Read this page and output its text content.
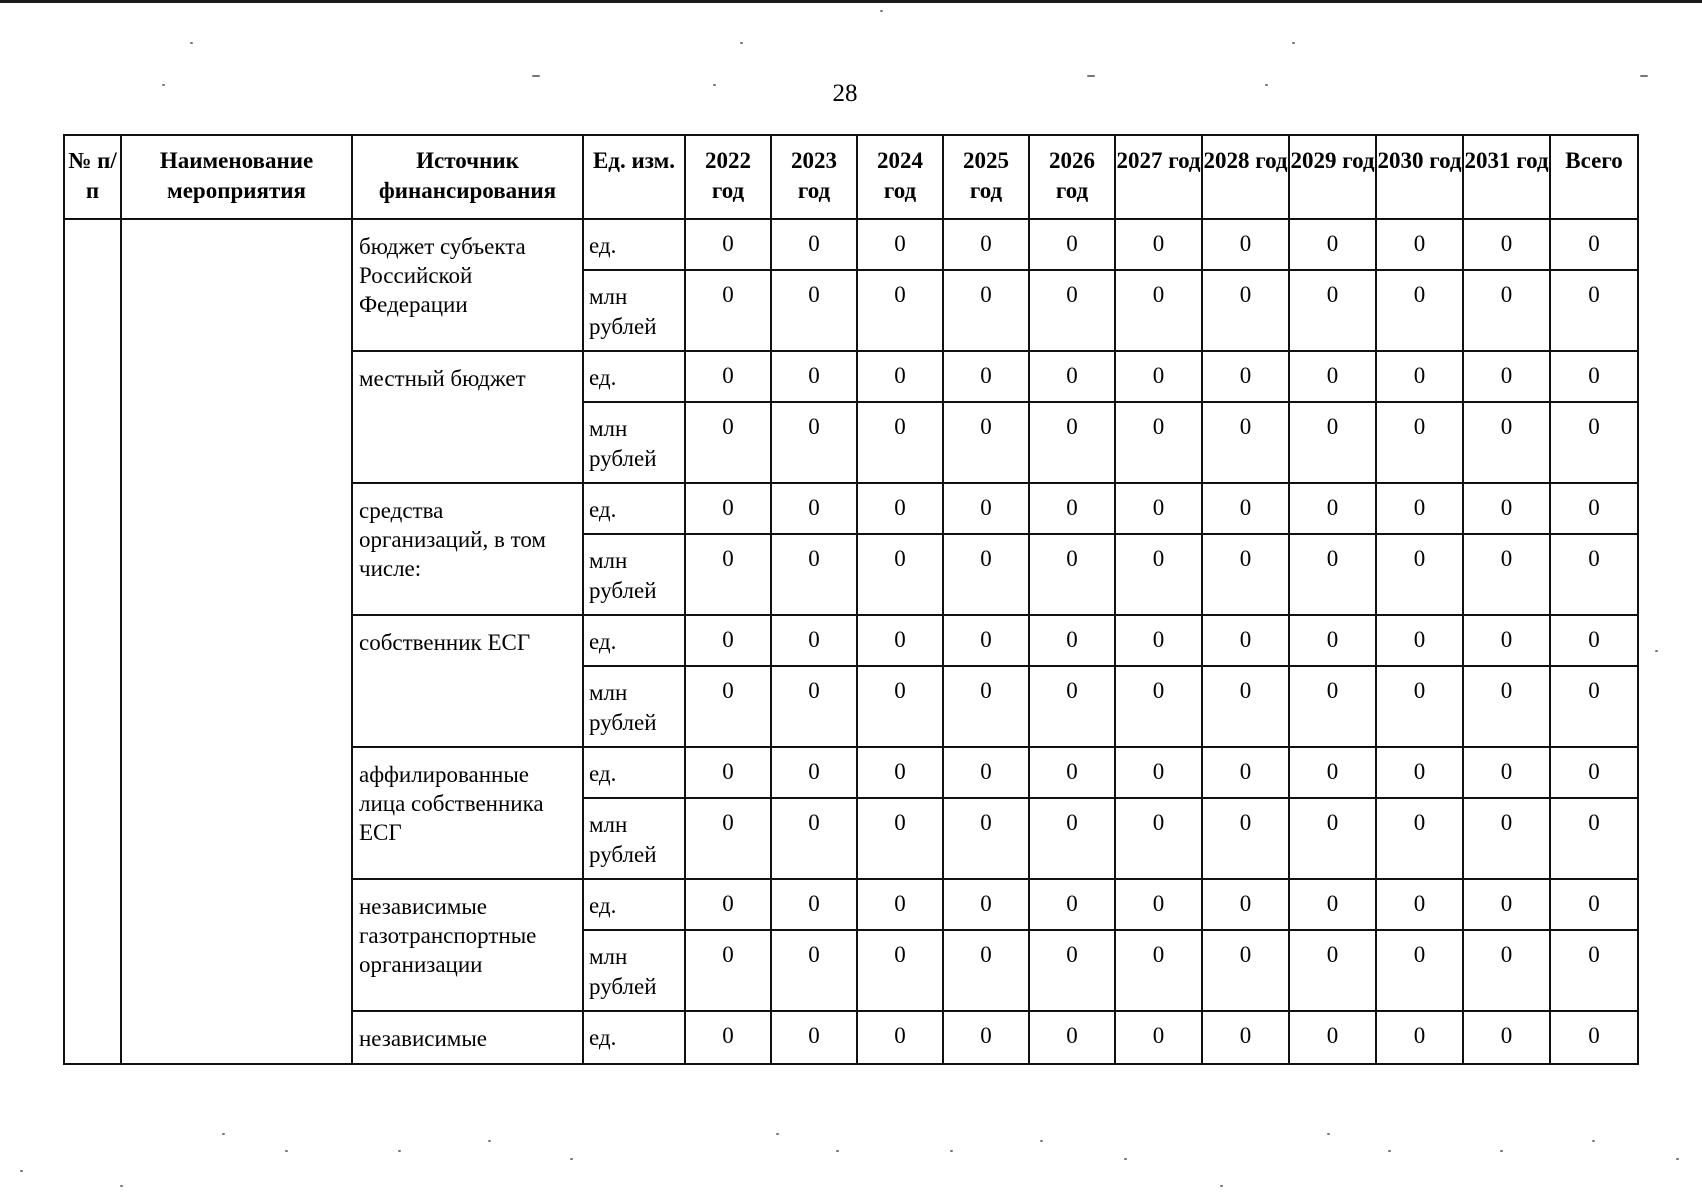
28
№ п/п	Наименование мероприятия	Источник финансирования	Ед. изм.	2022 год	2023 год	2024 год	2025 год	2026 год	2027 год	2028 год	2029 год	2030 год	2031 год	Всего
		бюджет субъекта Российской Федерации	ед.	0	0	0	0	0	0	0	0	0	0	0
			млн рублей	0	0	0	0	0	0	0	0	0	0	0
		местный бюджет	ед.	0	0	0	0	0	0	0	0	0	0	0
			млн рублей	0	0	0	0	0	0	0	0	0	0	0
		средства организаций, в том числе:	ед.	0	0	0	0	0	0	0	0	0	0	0
			млн рублей	0	0	0	0	0	0	0	0	0	0	0
		собственник ЕСГ	ед.	0	0	0	0	0	0	0	0	0	0	0
			млн рублей	0	0	0	0	0	0	0	0	0	0	0
		аффилированные лица собственника ЕСГ	ед.	0	0	0	0	0	0	0	0	0	0	0
			млн рублей	0	0	0	0	0	0	0	0	0	0	0
		независимые газотранспортные организации	ед.	0	0	0	0	0	0	0	0	0	0	0
			млн рублей	0	0	0	0	0	0	0	0	0	0	0
		независимые	ед.	0	0	0	0	0	0	0	0	0	0	0
